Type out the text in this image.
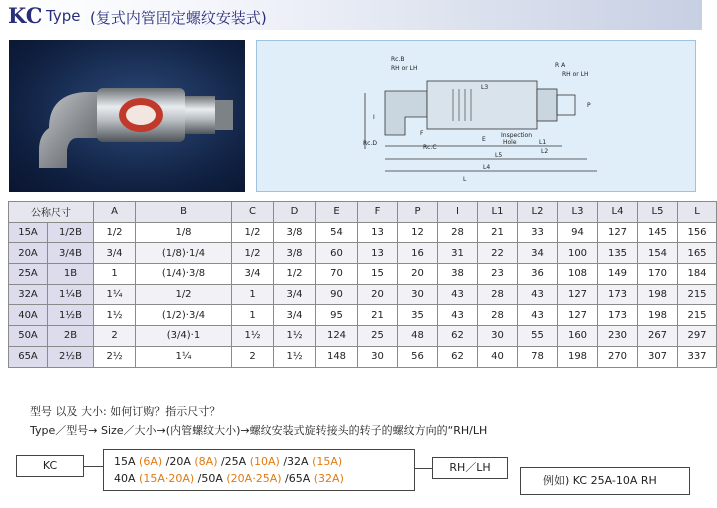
KC Type (复式内管固定螺纹安装式)
Rc.B
RH or LH	R A
RH or LH
Rc.D
Rc.C
F
E
Inspection
Hole	L1
L5
L4
L
L2
L3
P
I
公称尺寸		A	B	C	D	E	F	P	I	L1	L2	L3	L4	L5	L
15A	1/2B	1/2	1/8	1/2	3/8	54	13	12	28	21	33	94	127	145	156
20A	3/4B	3/4	(1/8)·1/4	1/2	3/8	60	13	16	31	22	34	100	135	154	165
25A	1B	1	(1/4)·3/8	3/4	1/2	70	15	20	38	23	36	108	149	170	184
32A	1¼B	1¼	1/2	1	3/4	90	20	30	43	28	43	127	173	198	215
40A	1½B	1½	(1/2)·3/4	1	3/4	95	21	35	43	28	43	127	173	198	215
50A	2B	2	(3/4)·1	1½	1½	124	25	48	62	30	55	160	230	267	297
65A	2½B	2½	1¼	2	1½	148	30	56	62	40	78	198	270	307	337
型号 以及 大小: 如何订购？指示尺寸？
Type／型号→ Size／大小→(内管螺纹大小)→螺纹安装式旋转接头的转子的螺纹方向的“RH/LH
KC	15A (6A) /20A (8A) /25A (10A) /32A (15A)
40A (15A·20A) /50A (20A·25A) /65A (32A)
RH／LH
例如) KC 25A-10A RH
